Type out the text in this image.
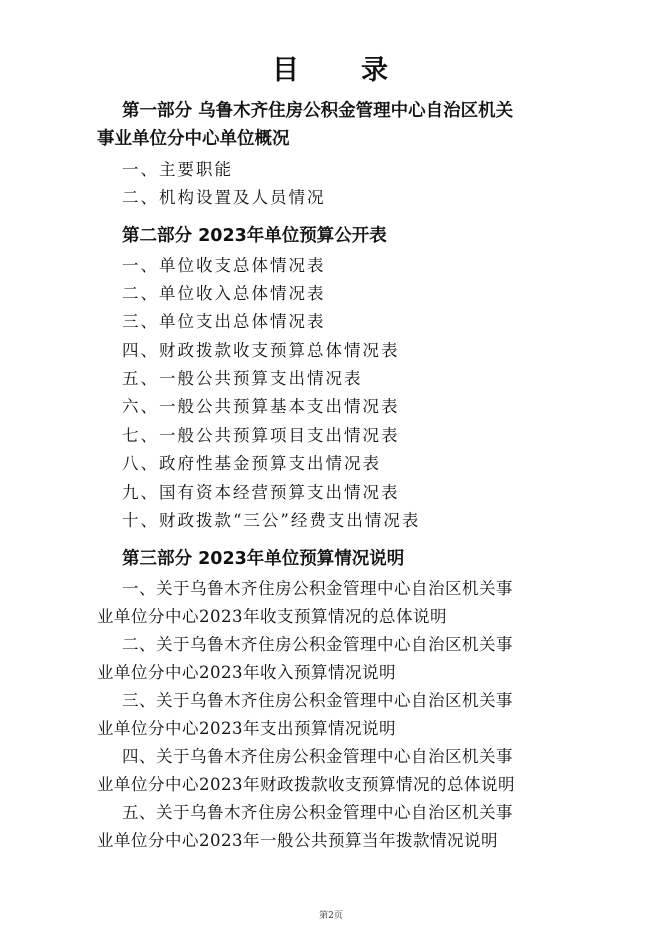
目 录
第一部分 乌鲁木齐住房公积金管理中心自治区机关
事业单位分中心单位概况
一、主要职能
二、机构设置及人员情况
第二部分 2023年单位预算公开表
一、单位收支总体情况表
二、单位收入总体情况表
三、单位支出总体情况表
四、财政拨款收支预算总体情况表
五、一般公共预算支出情况表
六、一般公共预算基本支出情况表
七、一般公共预算项目支出情况表
八、政府性基金预算支出情况表
九、国有资本经营预算支出情况表
十、财政拨款“三公”经费支出情况表
第三部分 2023年单位预算情况说明
一、关于乌鲁木齐住房公积金管理中心自治区机关事
业单位分中心2023年收支预算情况的总体说明
二、关于乌鲁木齐住房公积金管理中心自治区机关事
业单位分中心2023年收入预算情况说明
三、关于乌鲁木齐住房公积金管理中心自治区机关事
业单位分中心2023年支出预算情况说明
四、关于乌鲁木齐住房公积金管理中心自治区机关事
业单位分中心2023年财政拨款收支预算情况的总体说明
五、关于乌鲁木齐住房公积金管理中心自治区机关事
业单位分中心2023年一般公共预算当年拨款情况说明
第2页
